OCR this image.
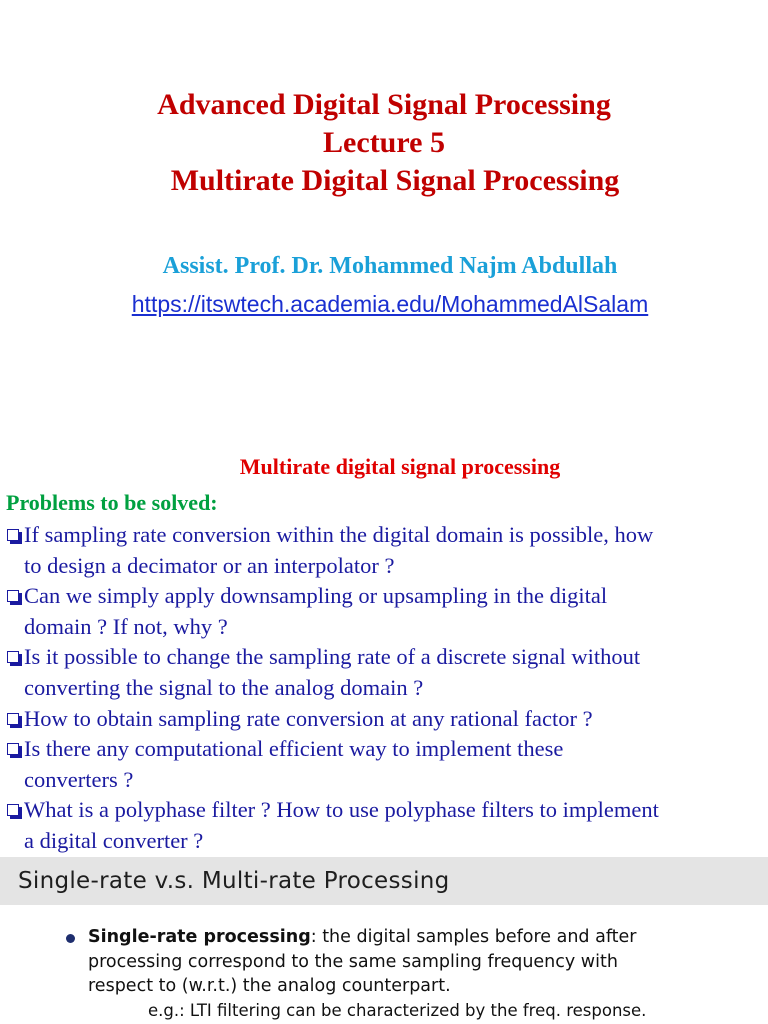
Advanced Digital Signal Processing
Lecture 5
Multirate Digital Signal Processing
Assist. Prof. Dr. Mohammed Najm Abdullah
https://itswtech.academia.edu/MohammedAlSalam
Multirate digital signal processing
Problems to be solved:
If sampling rate conversion within the digital domain is possible, how
to design a decimator or an interpolator ?
Can we simply apply downsampling or upsampling in the digital
domain ? If not, why ?
Is it possible to change the sampling rate of a discrete signal without
converting the signal to the analog domain ?
How to obtain sampling rate conversion at any rational factor ?
Is there any computational efficient way to implement these
converters ?
What is a polyphase filter ? How to use polyphase filters to implement
a digital converter ?
Single-rate v.s. Multi-rate Processing
Single-rate processing: the digital samples before and after
processing correspond to the same sampling frequency with
respect to (w.r.t.) the analog counterpart.
e.g.: LTI filtering can be characterized by the freq. response.
